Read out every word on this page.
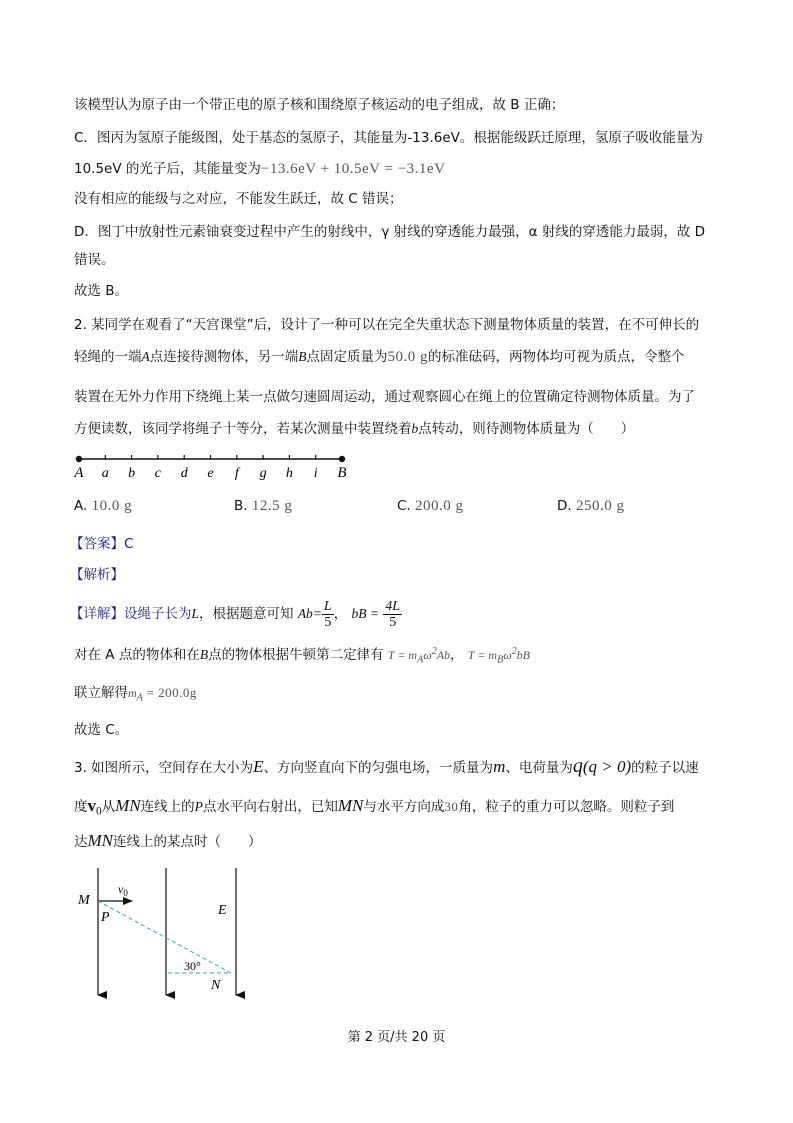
该模型认为原子由一个带正电的原子核和围绕原子核运动的电子组成，故 B 正确；
C．图丙为氢原子能级图，处于基态的氢原子，其能量为-13.6eV。根据能级跃迁原理，氢原子吸收能量为
10.5eV 的光子后，其能量变为−13.6eV + 10.5eV = −3.1eV
没有相应的能级与之对应，不能发生跃迁，故 C 错误；
D．图丁中放射性元素铀衰变过程中产生的射线中，γ 射线的穿透能力最强，α 射线的穿透能力最弱，故 D
错误。
故选 B。
2. 某同学在观看了“天宫课堂”后，设计了一种可以在完全失重状态下测量物体质量的装置，在不可伸长的
轻绳的一端A点连接待测物体，另一端B点固定质量为50.0 g的标准砝码，两物体均可视为质点，令整个
装置在无外力作用下绕绳上某一点做匀速圆周运动，通过观察圆心在绳上的位置确定待测物体质量。为了
方便读数，该同学将绳子十等分，若某次测量中装置绕着b点转动，则待测物体质量为（　　）
A a b c d e f g h i B
A. 10.0 g	B. 12.5 g	C. 200.0 g	D. 250.0 g
【答案】C
【解析】
【详解】设绳子长为L，根据题意可知 $Ab= \frac{L}{5}$ ， bB = $\frac{4L}{5}$
对在 A 点的物体和在B点的物体根据牛顿第二定律有 $T = m_A\omega^2Ab$， $T = m_B\omega^2bB$
联立解得$m_A = 200.0g$
故选 C。
3. 如图所示，空间存在大小为E、方向竖直向下的匀强电场，一质量为m、电荷量为q(q > 0)的粒子以速
度$v_0$从MN连线上的P点水平向右射出，已知MN与水平方向成30角，粒子的重力可以忽略。则粒子到
达MN连线上的某点时（　　）
M
$v_0$
P	E
30°
N
第 2 页/共 20 页
